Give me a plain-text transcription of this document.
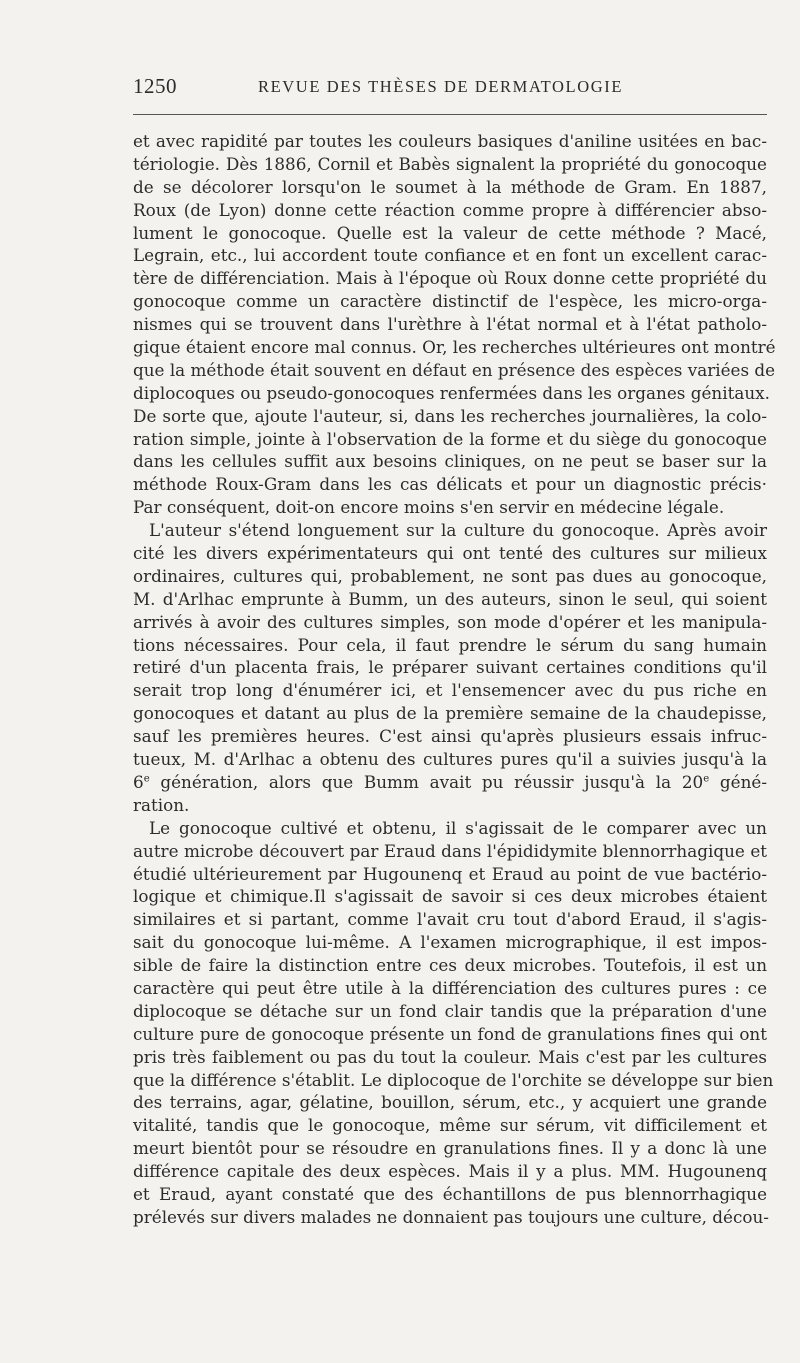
1250	REVUE DES THÈSES DE DERMATOLOGIE
et avec rapidité par toutes les couleurs basiques d'aniline usitées en bac-
tériologie. Dès 1886, Cornil et Babès signalent la propriété du gonocoque
de se décolorer lorsqu'on le soumet à la méthode de Gram. En 1887,
Roux (de Lyon) donne cette réaction comme propre à différencier abso-
lument le gonocoque. Quelle est la valeur de cette méthode ? Macé,
Legrain, etc., lui accordent toute confiance et en font un excellent carac-
tère de différenciation. Mais à l'époque où Roux donne cette propriété du
gonocoque comme un caractère distinctif de l'espèce, les micro-orga-
nismes qui se trouvent dans l'urèthre à l'état normal et à l'état patholo-
gique étaient encore mal connus. Or, les recherches ultérieures ont montré
que la méthode était souvent en défaut en présence des espèces variées de
diplocoques ou pseudo-gonocoques renfermées dans les organes génitaux.
De sorte que, ajoute l'auteur, si, dans les recherches journalières, la colo-
ration simple, jointe à l'observation de la forme et du siège du gonocoque
dans les cellules suffit aux besoins cliniques, on ne peut se baser sur la
méthode Roux-Gram dans les cas délicats et pour un diagnostic précis·
Par conséquent, doit-on encore moins s'en servir en médecine légale.
L'auteur s'étend longuement sur la culture du gonocoque. Après avoir
cité les divers expérimentateurs qui ont tenté des cultures sur milieux
ordinaires, cultures qui, probablement, ne sont pas dues au gonocoque,
M. d'Arlhac emprunte à Bumm, un des auteurs, sinon le seul, qui soient
arrivés à avoir des cultures simples, son mode d'opérer et les manipula-
tions nécessaires. Pour cela, il faut prendre le sérum du sang humain
retiré d'un placenta frais, le préparer suivant certaines conditions qu'il
serait trop long d'énumérer ici, et l'ensemencer avec du pus riche en
gonocoques et datant au plus de la première semaine de la chaudepisse,
sauf les premières heures. C'est ainsi qu'après plusieurs essais infruc-
tueux, M. d'Arlhac a obtenu des cultures pures qu'il a suivies jusqu'à la
6e génération, alors que Bumm avait pu réussir jusqu'à la 20e géné-
ration.
Le gonocoque cultivé et obtenu, il s'agissait de le comparer avec un
autre microbe découvert par Eraud dans l'épididymite blennorrhagique et
étudié ultérieurement par Hugounenq et Eraud au point de vue bactério-
logique et chimique.Il s'agissait de savoir si ces deux microbes étaient
similaires et si partant, comme l'avait cru tout d'abord Eraud, il s'agis-
sait du gonocoque lui-même. A l'examen micrographique, il est impos-
sible de faire la distinction entre ces deux microbes. Toutefois, il est un
caractère qui peut être utile à la différenciation des cultures pures : ce
diplocoque se détache sur un fond clair tandis que la préparation d'une
culture pure de gonocoque présente un fond de granulations fines qui ont
pris très faiblement ou pas du tout la couleur. Mais c'est par les cultures
que la différence s'établit. Le diplocoque de l'orchite se développe sur bien
des terrains, agar, gélatine, bouillon, sérum, etc., y acquiert une grande
vitalité, tandis que le gonocoque, même sur sérum, vit difficilement et
meurt bientôt pour se résoudre en granulations fines. Il y a donc là une
différence capitale des deux espèces. Mais il y a plus. MM. Hugounenq
et Eraud, ayant constaté que des échantillons de pus blennorrhagique
prélevés sur divers malades ne donnaient pas toujours une culture, décou-
